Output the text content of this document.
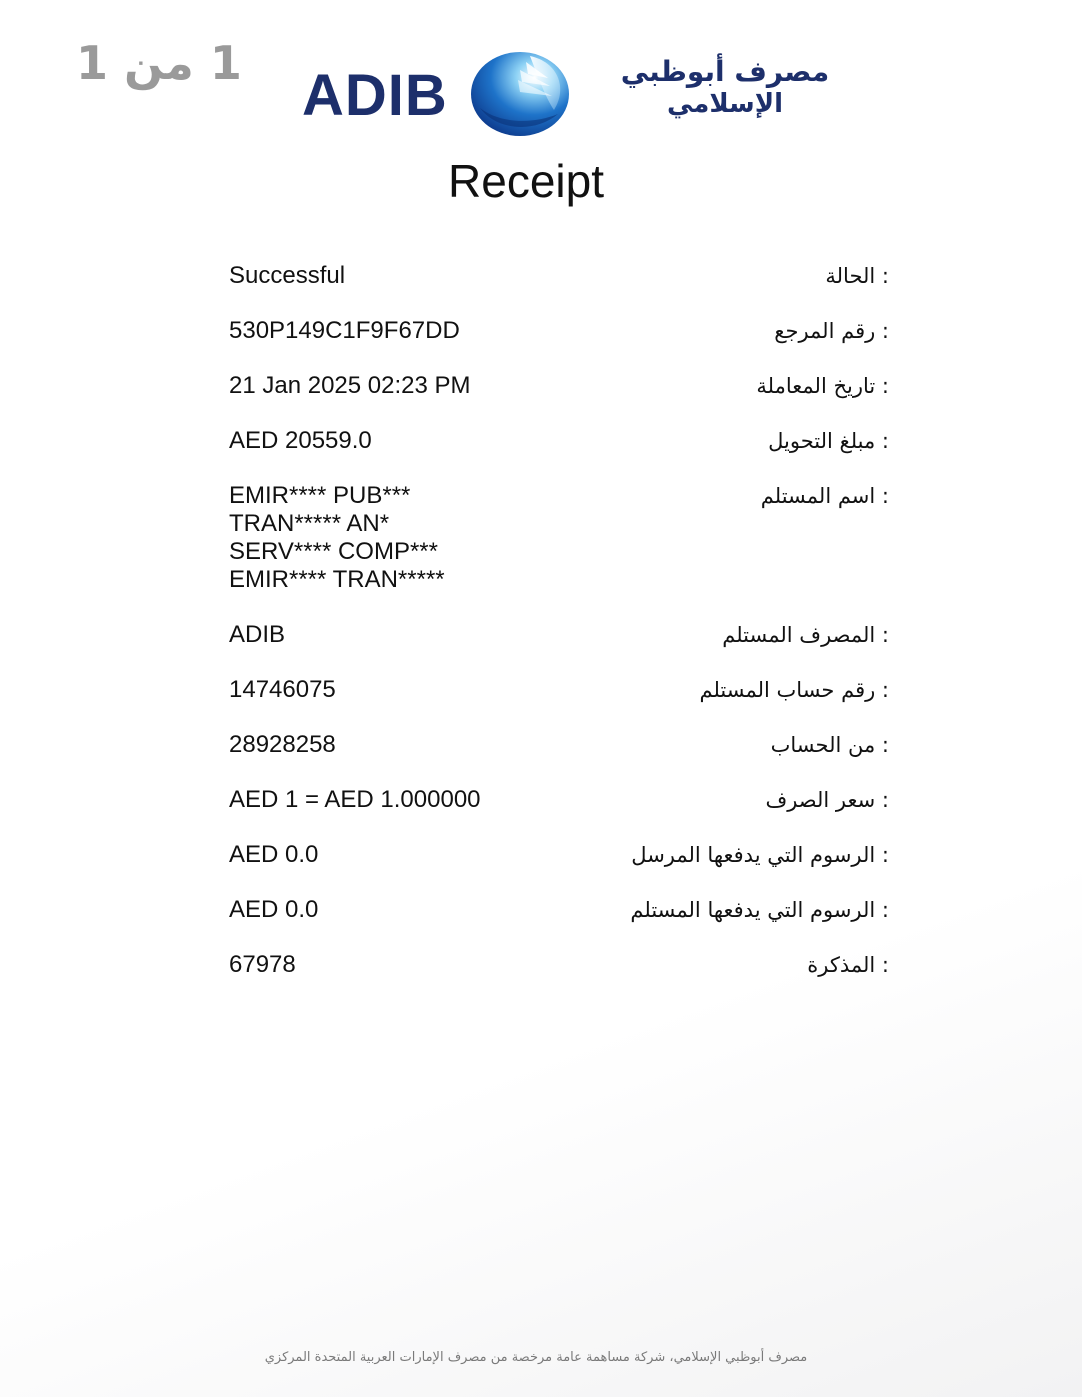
1 من 1 ADIB	مصرف أبوظبي
الإسلامي
Receipt
Successful	: الحالة
530P149C1F9F67DD	: رقم المرجع
21 Jan 2025 02:23 PM	: تاريخ المعاملة
AED 20559.0	: مبلغ التحويل
EMIR**** PUB***
TRAN***** AN*
SERV**** COMP***
EMIR**** TRAN*****
: اسم المستلم
ADIB	: المصرف المستلم
14746075	: رقم حساب المستلم
28928258	: من الحساب
AED 1 = AED 1.000000	: سعر الصرف
AED 0.0	: الرسوم التي يدفعها المرسل
AED 0.0	: الرسوم التي يدفعها المستلم
67978	: المذكرة
مصرف أبوظبي الإسلامي، شركة مساهمة عامة مرخصة من مصرف الإمارات العربية المتحدة المركزي
